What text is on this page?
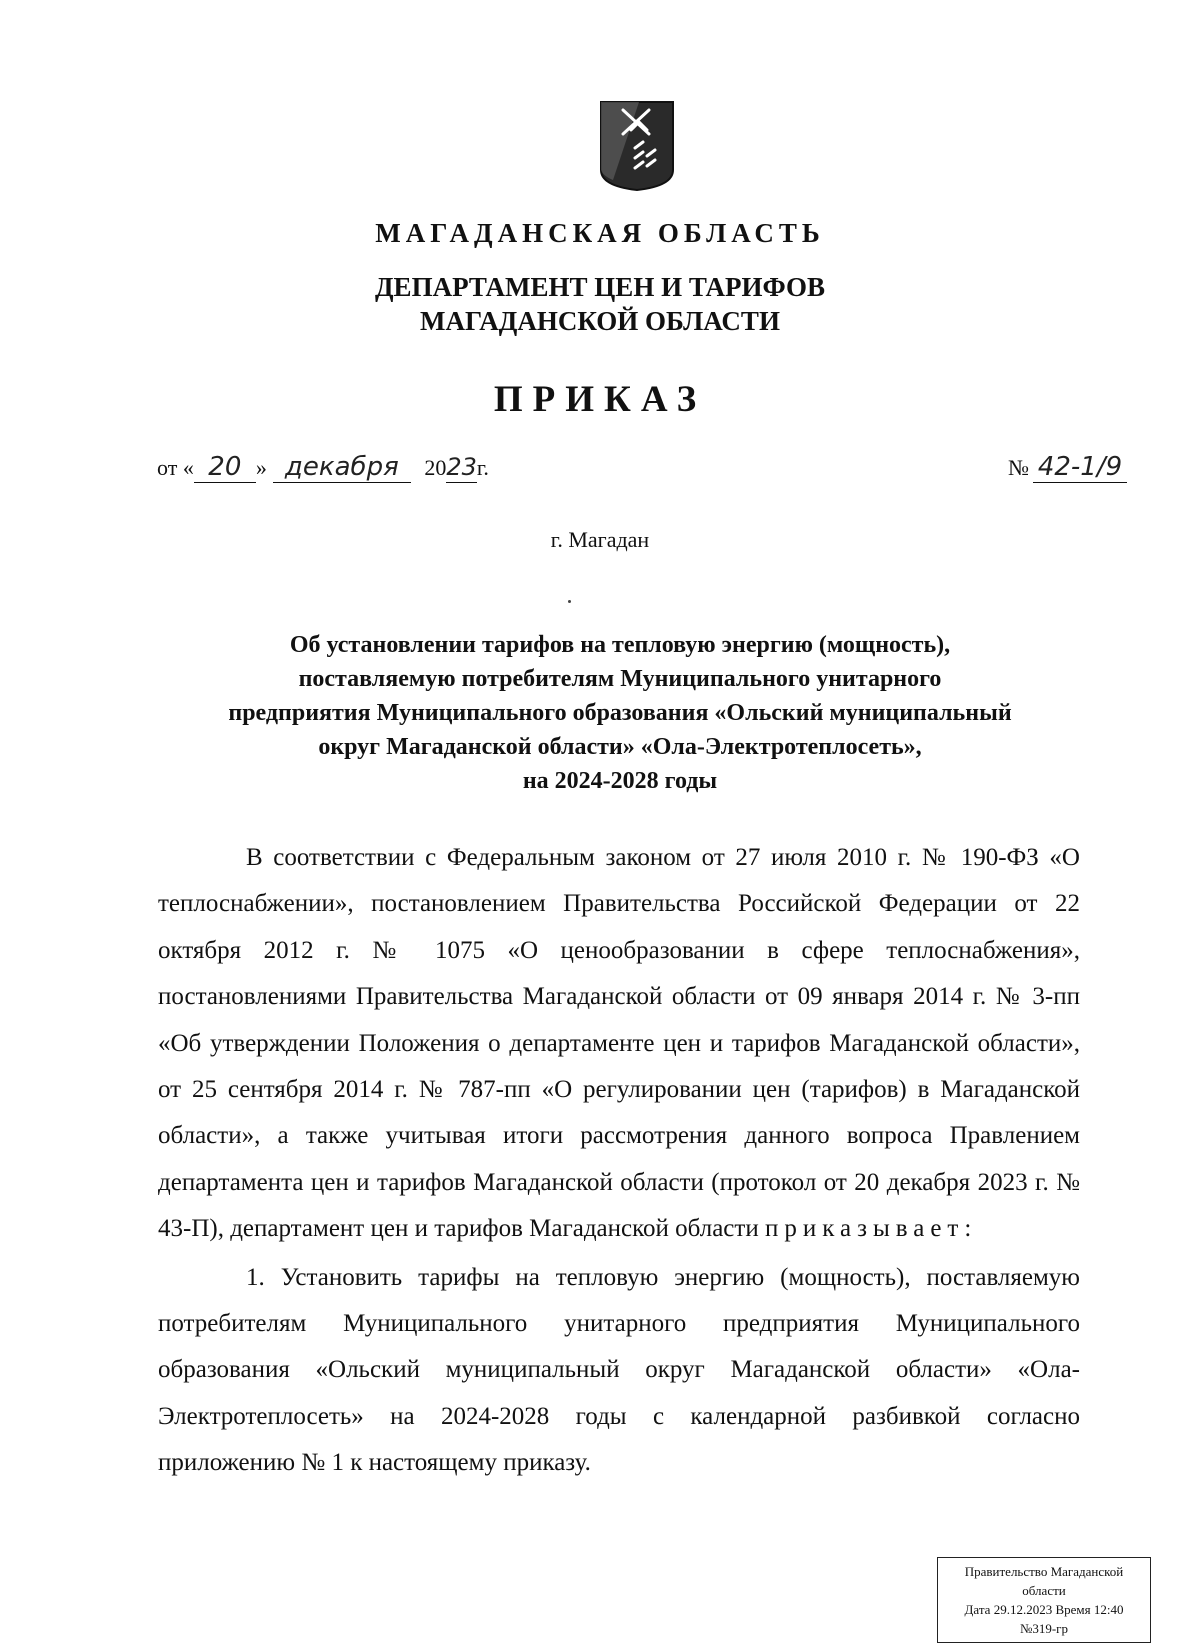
МАГАДАНСКАЯ ОБЛАСТЬ
ДЕПАРТАМЕНТ ЦЕН И ТАРИФОВ
МАГАДАНСКОЙ ОБЛАСТИ
ПРИКАЗ
от « 20 » декабря 2023г.	№ 42-1/9
г. Магадан
Об установлении тарифов на тепловую энергию (мощность),
поставляемую потребителям Муниципального унитарного
предприятия Муниципального образования «Ольский муниципальный
округ Магаданской области» «Ола-Электротеплосеть»,
на 2024-2028 годы

В соответствии с Федеральным законом от 27 июля 2010 г. № 190-ФЗ «О теплоснабжении», постановлением Правительства Российской Федерации от 22 октября 2012 г. № 1075 «О ценообразовании в сфере теплоснабжения», постановлениями Правительства Магаданской области от 09 января 2014 г. № 3-пп «Об утверждении Положения о департаменте цен и тарифов Магаданской области», от 25 сентября 2014 г. № 787-пп «О регулировании цен (тарифов) в Магаданской области», а также учитывая итоги рассмотрения данного вопроса Правлением департамента цен и тарифов Магаданской области (протокол от 20 декабря 2023 г. № 43-П), департамент цен и тарифов Магаданской области приказывает:

1. Установить тарифы на тепловую энергию (мощность), поставляемую потребителям Муниципального унитарного предприятия Муниципального образования «Ольский муниципальный округ Магаданской области» «Ола-Электротеплосеть» на 2024-2028 годы с календарной разбивкой согласно приложению № 1 к настоящему приказу.

Правительство Магаданской
области
Дата 29.12.2023 Время 12:40
№319-гр
